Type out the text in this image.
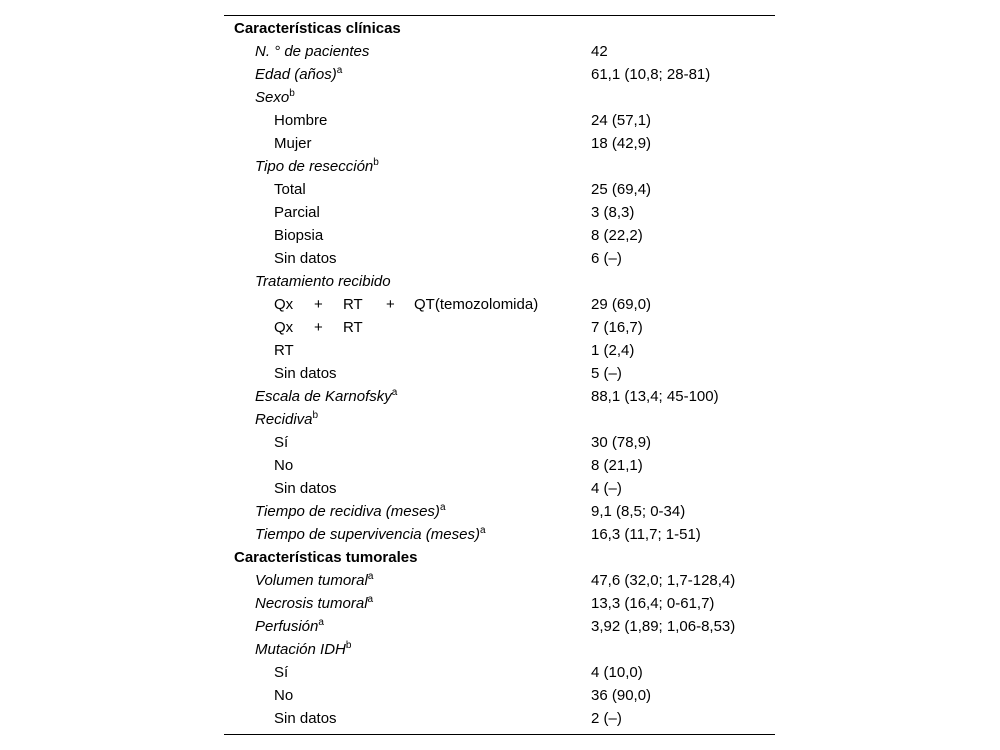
Características clínicas
N. ° de pacientes	42
Edad (años)$^a$	61,1 (10,8; 28-81)
Sexo$^b$
Hombre	24 (57,1)
Mujer	18 (42,9)
Tipo de resección$^b$
Total	25 (69,4)
Parcial	3 (8,3)
Biopsia	8 (22,2)
Sin datos	6 (–)
Tratamiento recibido
Qx + RT + QT(temozolomida)	29 (69,0)
Qx + RT	7 (16,7)
RT	1 (2,4)
Sin datos	5 (–)
Escala de Karnofsky$^a$	88,1 (13,4; 45-100)
Recidiva$^b$
Sí	30 (78,9)
No	8 (21,1)
Sin datos	4 (–)
Tiempo de recidiva (meses)$^a$	9,1 (8,5; 0-34)
Tiempo de supervivencia (meses)$^a$	16,3 (11,7; 1-51)
Características tumorales
Volumen tumoral$^a$	47,6 (32,0; 1,7-128,4)
Necrosis tumoral$^a$	13,3 (16,4; 0-61,7)
Perfusión$^a$	3,92 (1,89; 1,06-8,53)
Mutación IDH$^b$
Sí	4 (10,0)
No	36 (90,0)
Sin datos	2 (–)
